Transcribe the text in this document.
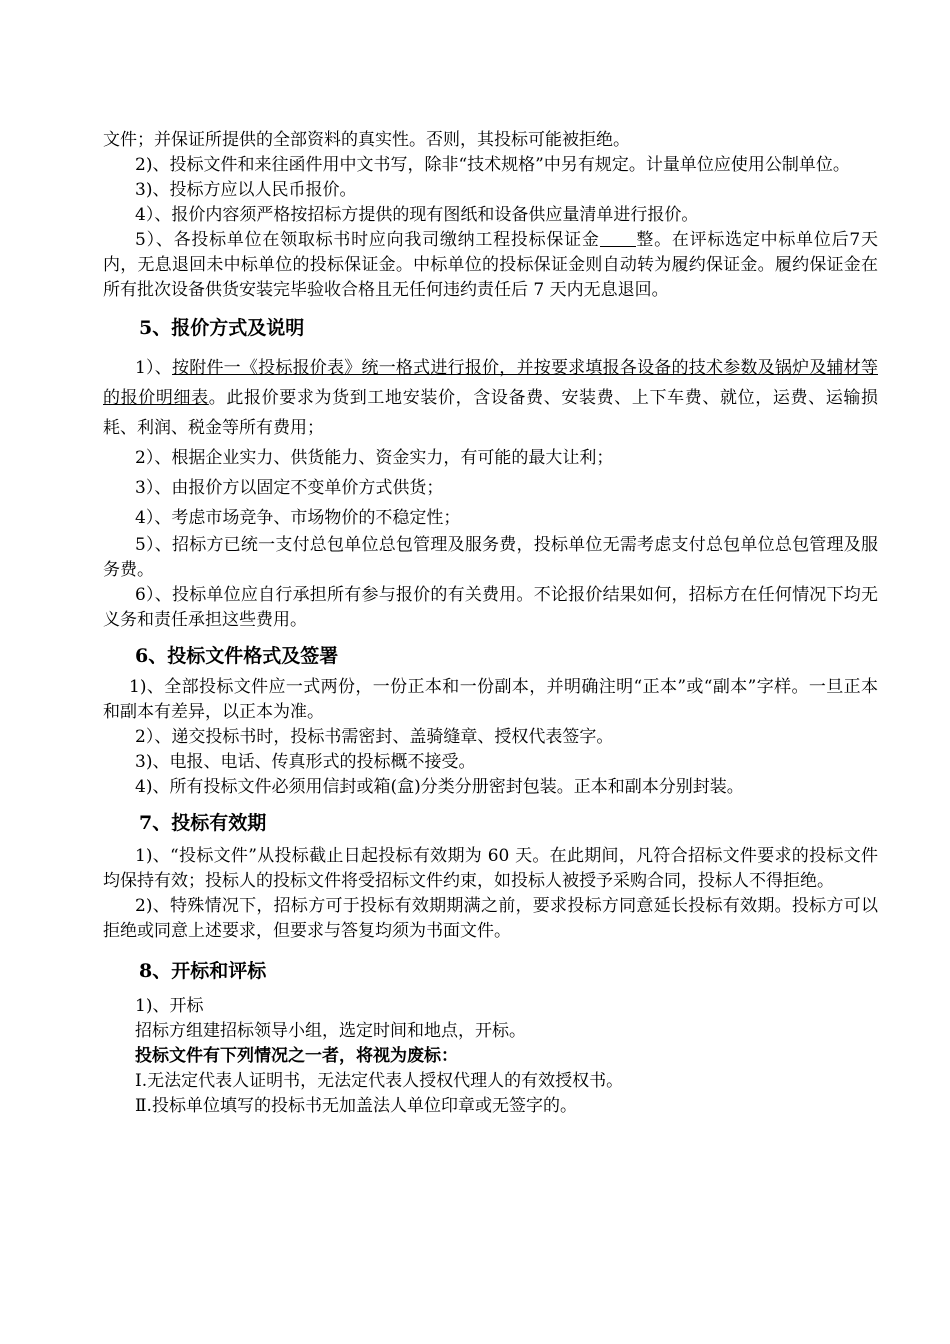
文件；并保证所提供的全部资料的真实性。否则，其投标可能被拒绝。

2)、投标文件和来往函件用中文书写，除非“技术规格”中另有规定。计量单位应使用公制单位。

3)、投标方应以人民币报价。

4）、报价内容须严格按招标方提供的现有图纸和设备供应量清单进行报价。

5）、各投标单位在领取标书时应向我司缴纳工程投标保证金 整。在评标选定中标单位后7天内，无息退回未中标单位的投标保证金。中标单位的投标保证金则自动转为履约保证金。履约保证金在所有批次设备供货安装完毕验收合格且无任何违约责任后 7 天内无息退回。

5、报价方式及说明

1）、按附件一《投标报价表》统一格式进行报价，并按要求填报各设备的技术参数及锅炉及辅材等的报价明细表。此报价要求为货到工地安装价，含设备费、安装费、上下车费、就位，运费、运输损耗、利润、税金等所有费用；

2）、根据企业实力、供货能力、资金实力，有可能的最大让利；

3）、由报价方以固定不变单价方式供货；

4）、考虑市场竞争、市场物价的不稳定性；

5）、招标方已统一支付总包单位总包管理及服务费，投标单位无需考虑支付总包单位总包管理及服务费。

6）、投标单位应自行承担所有参与报价的有关费用。不论报价结果如何，招标方在任何情况下均无义务和责任承担这些费用。

6、投标文件格式及签署

1)、全部投标文件应一式两份，一份正本和一份副本，并明确注明“正本”或“副本”字样。一旦正本和副本有差异，以正本为准。

2）、递交投标书时，投标书需密封、盖骑缝章、授权代表签字。

3)、电报、电话、传真形式的投标概不接受。

4)、所有投标文件必须用信封或箱(盒)分类分册密封包装。正本和副本分别封装。

7、投标有效期

1)、“投标文件”从投标截止日起投标有效期为 60 天。在此期间，凡符合招标文件要求的投标文件均保持有效；投标人的投标文件将受招标文件约束，如投标人被授予采购合同，投标人不得拒绝。

2)、特殊情况下，招标方可于投标有效期期满之前，要求投标方同意延长投标有效期。投标方可以拒绝或同意上述要求，但要求与答复均须为书面文件。

8、开标和评标

1)、开标

招标方组建招标领导小组，选定时间和地点，开标。

投标文件有下列情况之一者，将视为废标：

Ⅰ.无法定代表人证明书，无法定代表人授权代理人的有效授权书。

Ⅱ.投标单位填写的投标书无加盖法人单位印章或无签字的。
